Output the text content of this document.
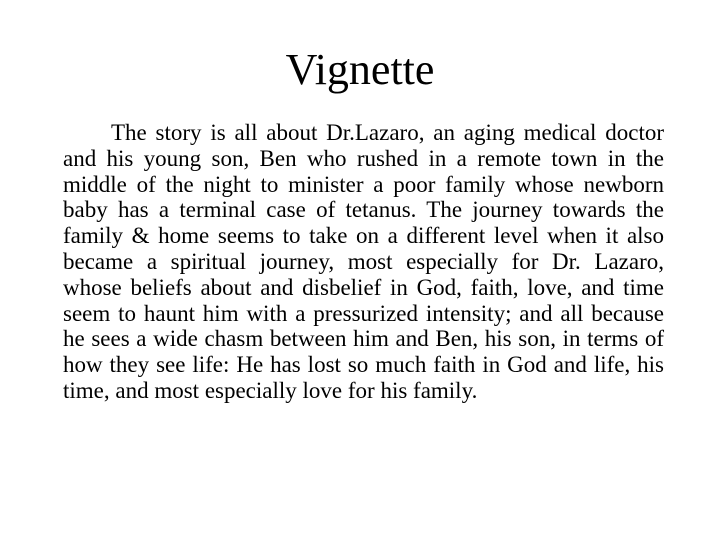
Vignette

The story is all about Dr.Lazaro, an aging medical doctor and his young son, Ben who rushed in a remote town in the middle of the night to minister a poor family whose newborn baby has a terminal case of tetanus. The journey towards the family & home seems to take on a different level when it also became a spiritual journey, most especially for Dr. Lazaro, whose beliefs about and disbelief in God, faith, love, and time seem to haunt him with a pressurized intensity; and all because he sees a wide chasm between him and Ben, his son, in terms of how they see life: He has lost so much faith in God and life, his time, and most especially love for his family.
